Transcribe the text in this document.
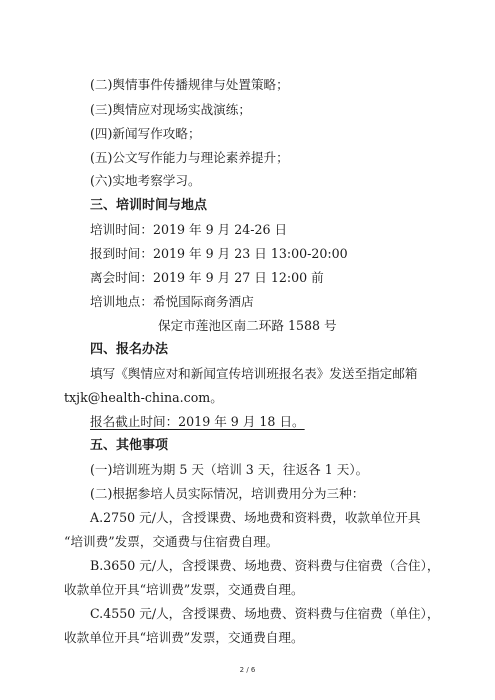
(二)舆情事件传播规律与处置策略；
(三)舆情应对现场实战演练；
(四)新闻写作攻略；
(五)公文写作能力与理论素养提升；
(六)实地考察学习。
三、培训时间与地点
培训时间：2019 年 9 月 24-26 日
报到时间：2019 年 9 月 23 日 13:00-20:00
离会时间：2019 年 9 月 27 日 12:00 前
培训地点：希悦国际商务酒店
保定市莲池区南二环路 1588 号
四、报名办法
填写《舆情应对和新闻宣传培训班报名表》发送至指定邮箱
txjk@health-china.com。
报名截止时间：2019 年 9 月 18 日。
五、其他事项
(一)培训班为期 5 天（培训 3 天，往返各 1 天）。
(二)根据参培人员实际情况，培训费用分为三种：
A.2750 元/人，含授课费、场地费和资料费，收款单位开具
“培训费”发票，交通费与住宿费自理。
B.3650 元/人，含授课费、场地费、资料费与住宿费（合住），
收款单位开具“培训费”发票，交通费自理。
C.4550 元/人，含授课费、场地费、资料费与住宿费（单住），
收款单位开具“培训费”发票，交通费自理。
2 / 6
